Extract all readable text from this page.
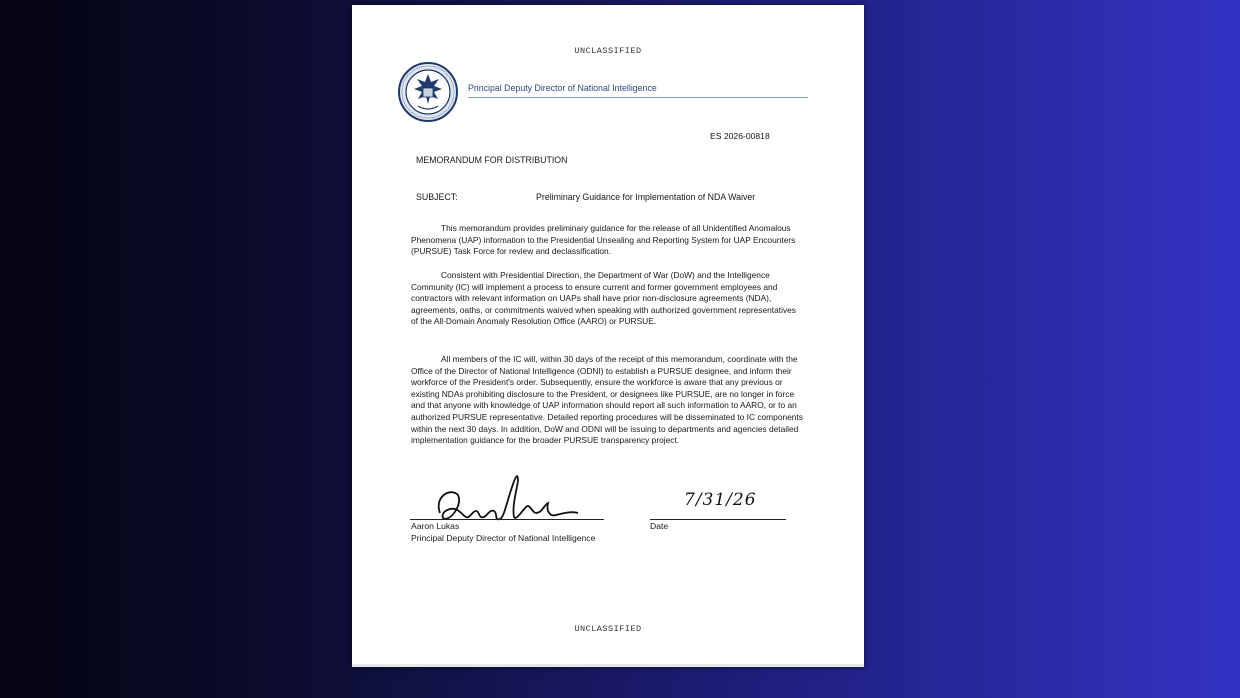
UNCLASSIFIED
Principal Deputy Director of National Intelligence
ES 2026-00818
MEMORANDUM FOR DISTRIBUTION
SUBJECT:	Preliminary Guidance for Implementation of NDA Waiver

This memorandum provides preliminary guidance for the release of all Unidentified Anomalous Phenomena (UAP) information to the Presidential Unsealing and Reporting System for UAP Encounters (PURSUE) Task Force for review and declassification.

Consistent with Presidential Direction, the Department of War (DoW) and the Intelligence Community (IC) will implement a process to ensure current and former government employees and contractors with relevant information on UAPs shall have prior non-disclosure agreements (NDA), agreements, oaths, or commitments waived when speaking with authorized government representatives of the All-Domain Anomaly Resolution Office (AARO) or PURSUE.

All members of the IC will, within 30 days of the receipt of this memorandum, coordinate with the Office of the Director of National Intelligence (ODNI) to establish a PURSUE designee, and inform their workforce of the President's order. Subsequently, ensure the workforce is aware that any previous or existing NDAs prohibiting disclosure to the President, or designees like PURSUE, are no longer in force and that anyone with knowledge of UAP information should report all such information to AARO, or to an authorized PURSUE representative. Detailed reporting procedures will be disseminated to IC components within the next 30 days. In addition, DoW and ODNI will be issuing to departments and agencies detailed implementation guidance for the broader PURSUE transparency project.

Aaron Lukas
Principal Deputy Director of National Intelligence
7/31/26
Date
UNCLASSIFIED
